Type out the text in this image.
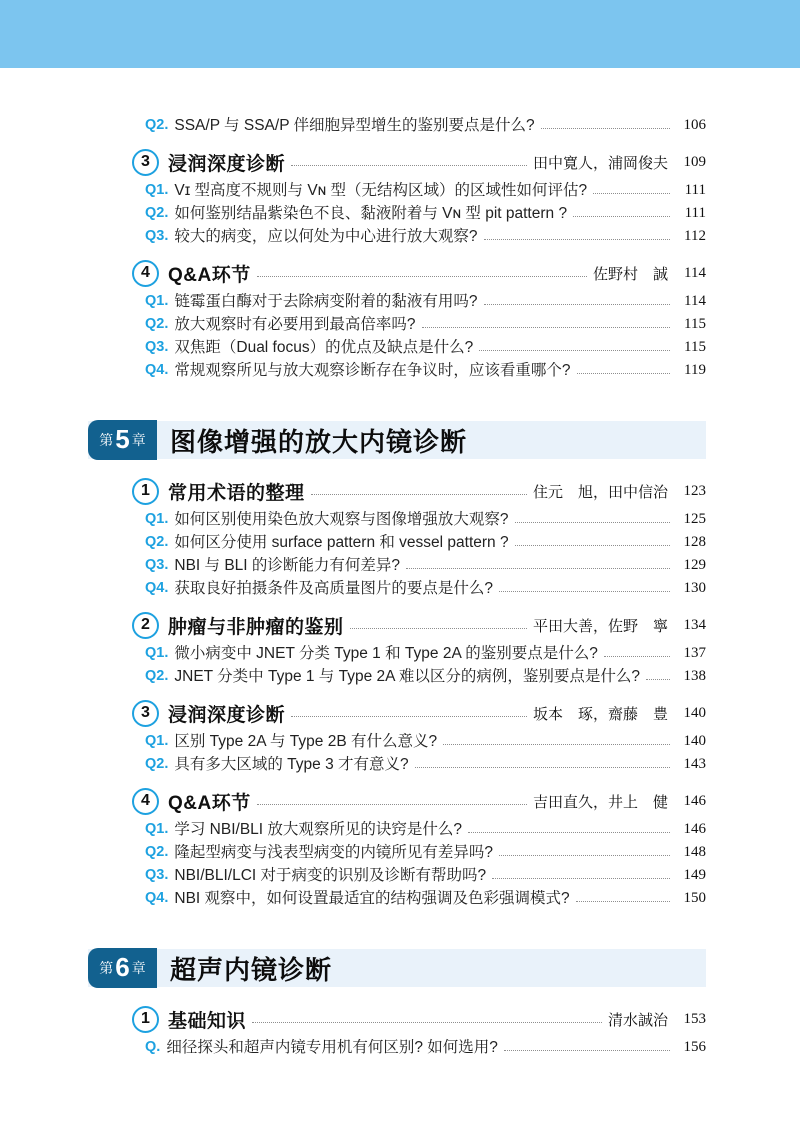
Q2. SSA/P 与 SSA/P 伴细胞异型增生的鉴别要点是什么?	106
3 浸润深度诊断	田中寛人，浦岡俊夫	109
Q1. Vɪ 型高度不规则与 Vɴ 型（无结构区域）的区域性如何评估?	111
Q2. 如何鉴别结晶紫染色不良、黏液附着与 Vɴ 型 pit pattern ?	111
Q3. 较大的病变，应以何处为中心进行放大观察?	112
4 Q&A环节	佐野村　誠	114
Q1. 链霉蛋白酶对于去除病变附着的黏液有用吗?	114
Q2. 放大观察时有必要用到最高倍率吗?	115
Q3. 双焦距（Dual focus）的优点及缺点是什么?	115
Q4. 常规观察所见与放大观察诊断存在争议时，应该看重哪个?	119
第 5 章 图像增强的放大内镜诊断
1 常用术语的整理	住元　旭，田中信治	123
Q1. 如何区别使用染色放大观察与图像增强放大观察?	125
Q2. 如何区分使用 surface pattern 和 vessel pattern ?	128
Q3. NBI 与 BLI 的诊断能力有何差异?	129
Q4. 获取良好拍摄条件及高质量图片的要点是什么?	130
2 肿瘤与非肿瘤的鉴别	平田大善，佐野　寧	134
Q1. 微小病变中 JNET 分类 Type 1 和 Type 2A 的鉴别要点是什么?	137
Q2. JNET 分类中 Type 1 与 Type 2A 难以区分的病例，鉴别要点是什么?	138
3 浸润深度诊断	坂本　琢，齋藤　豊	140
Q1. 区别 Type 2A 与 Type 2B 有什么意义?	140
Q2. 具有多大区域的 Type 3 才有意义?	143
4 Q&A环节	吉田直久，井上　健	146
Q1. 学习 NBI/BLI 放大观察所见的诀窍是什么?	146
Q2. 隆起型病变与浅表型病变的内镜所见有差异吗?	148
Q3. NBI/BLI/LCI 对于病变的识别及诊断有帮助吗?	149
Q4. NBI 观察中，如何设置最适宜的结构强调及色彩强调模式?	150
第 6 章 超声内镜诊断
1 基础知识	清水誠治	153
Q. 细径探头和超声内镜专用机有何区别? 如何选用?	156
